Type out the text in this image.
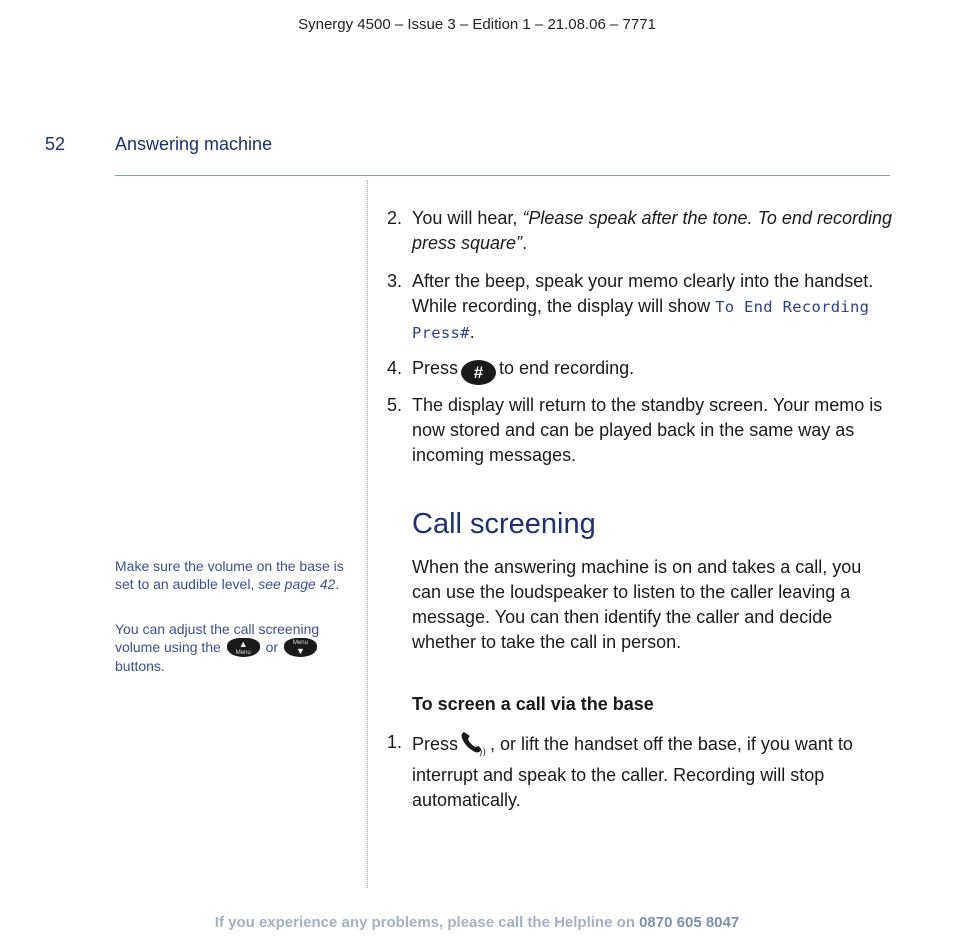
Synergy 4500 – Issue 3 – Edition 1 – 21.08.06 – 7771
52	Answering machine
2. You will hear, “Please speak after the tone. To end recording press square”.
3. After the beep, speak your memo clearly into the handset. While recording, the display will show To End Recording Press#.
4. Press # to end recording.
5. The display will return to the standby screen. Your memo is now stored and can be played back in the same way as incoming messages.
Call screening
When the answering machine is on and takes a call, you can use the loudspeaker to listen to the caller leaving a message. You can then identify the caller and decide whether to take the call in person.
To screen a call via the base
1. Press )) , or lift the handset off the base, if you want to interrupt and speak to the caller. Recording will stop automatically.
Make sure the volume on the base is set to an audible level, see page 42.
You can adjust the call screening volume using the ▲
Menu	or	Menu
▼
buttons.
If you experience any problems, please call the Helpline on 0870 605 8047
